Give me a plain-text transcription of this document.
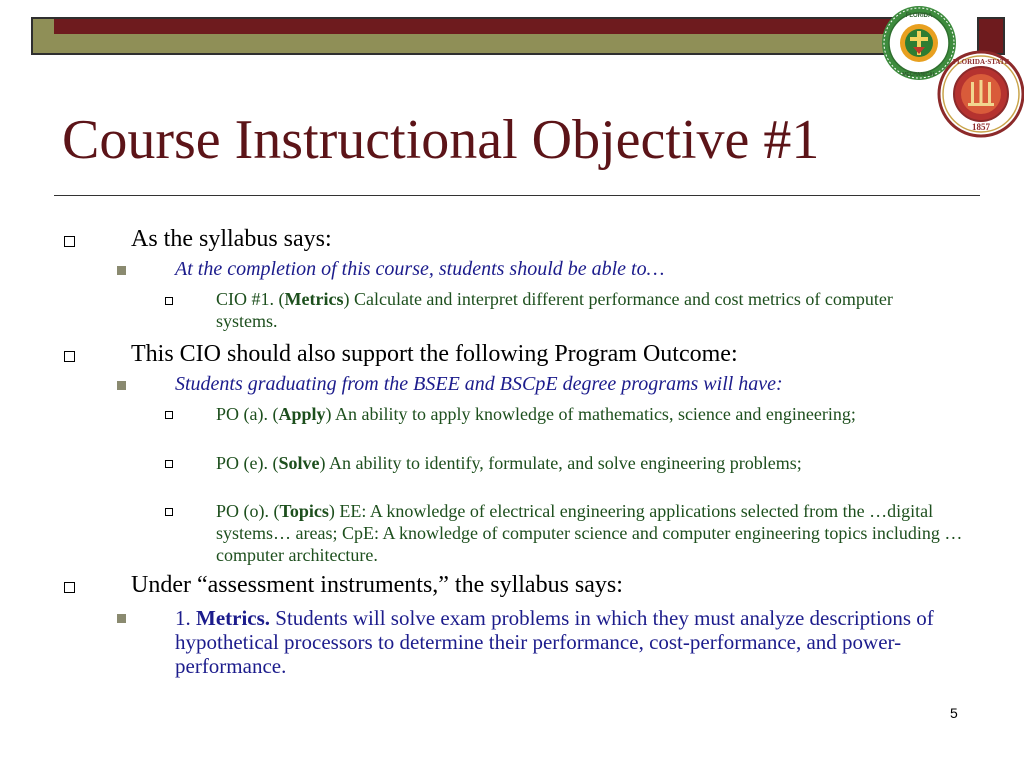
FLORIDA
MECHANICAL
FLORIDA·STATE
1857
Course Instructional Objective #1
As the syllabus says:
At the completion of this course, students should be able to…
CIO #1. (Metrics) Calculate and interpret different performance and cost metrics of computer systems.
This CIO should also support the following Program Outcome:
Students graduating from the BSEE and BSCpE degree programs will have:
PO (a). (Apply) An ability to apply knowledge of mathematics, science and engineering;
PO (e). (Solve) An ability to identify, formulate, and solve engineering problems;
PO (o). (Topics) EE: A knowledge of electrical engineering applications selected from the …digital systems… areas; CpE: A knowledge of computer science and computer engineering topics including …computer architecture.
Under “assessment instruments,” the syllabus says:
1. Metrics. Students will solve exam problems in which they must analyze descriptions of hypothetical processors to determine their performance, cost-performance, and power-performance.
5
